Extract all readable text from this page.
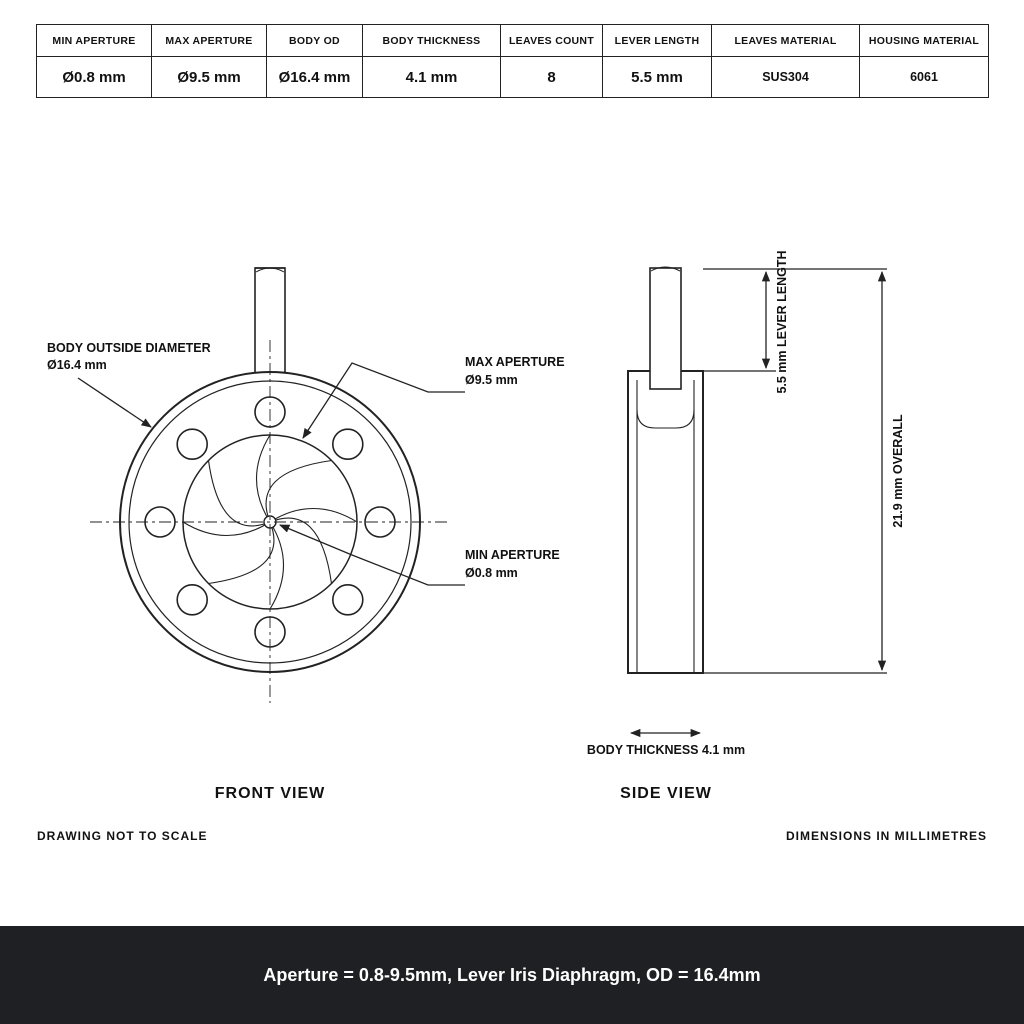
MIN APERTURE	MAX APERTURE	BODY OD	BODY THICKNESS	LEAVES COUNT	LEVER LENGTH	LEAVES MATERIAL	HOUSING MATERIAL
Ø0.8 mm	Ø9.5 mm	Ø16.4 mm	4.1 mm	8	5.5 mm	SUS304	6061
BODY OUTSIDE DIAMETER
Ø16.4 mm	MAX APERTURE
Ø9.5 mm
MIN APERTURE
Ø0.8 mm
FRONT VIEW
5.5 mm LEVER LENGTH
21.9 mm OVERALL
BODY THICKNESS 4.1 mm
SIDE VIEW
DRAWING NOT TO SCALE	DIMENSIONS IN MILLIMETRES
Aperture = 0.8-9.5mm, Lever Iris Diaphragm, OD = 16.4mm
